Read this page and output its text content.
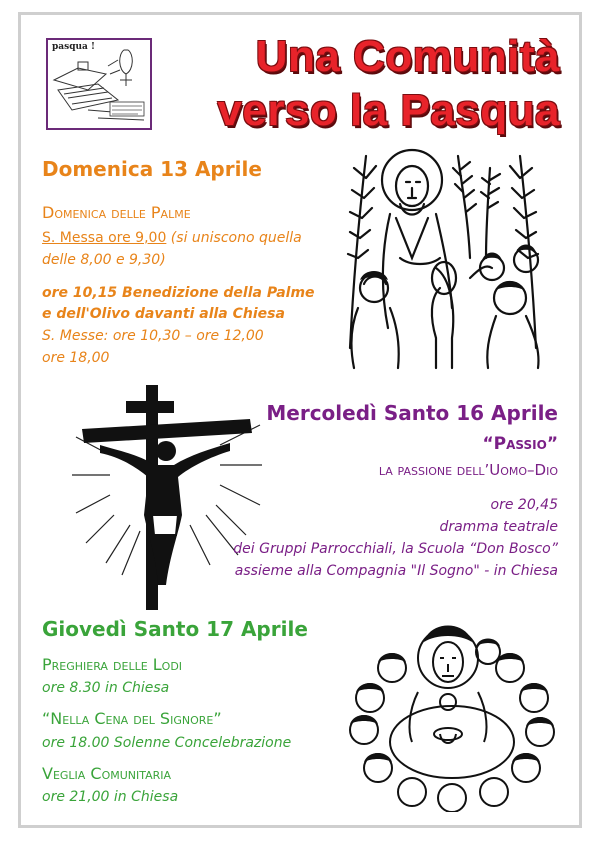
pasqua !	Una Comunità
verso la Pasqua
Domenica 13 Aprile
Domenica delle Palme
S. Messa ore 9,00 (si uniscono quella
delle 8,00 e 9,30)
ore 10,15 Benedizione della Palme
e dell'Olivo davanti alla Chiesa
S. Messe: ore 10,30 – ore 12,00
ore 18,00
Mercoledì Santo 16 Aprile
“Passio”
la passione dell’Uomo–Dio
ore 20,45
dramma teatrale
dei Gruppi Parrocchiali, la Scuola “Don Bosco”
assieme alla Compagnia "Il Sogno" - in Chiesa
Giovedì Santo 17 Aprile
Preghiera delle Lodi
ore 8.30 in Chiesa
“Nella Cena del Signore”
ore 18.00 Solenne Concelebrazione
Veglia Comunitaria
ore 21,00 in Chiesa
